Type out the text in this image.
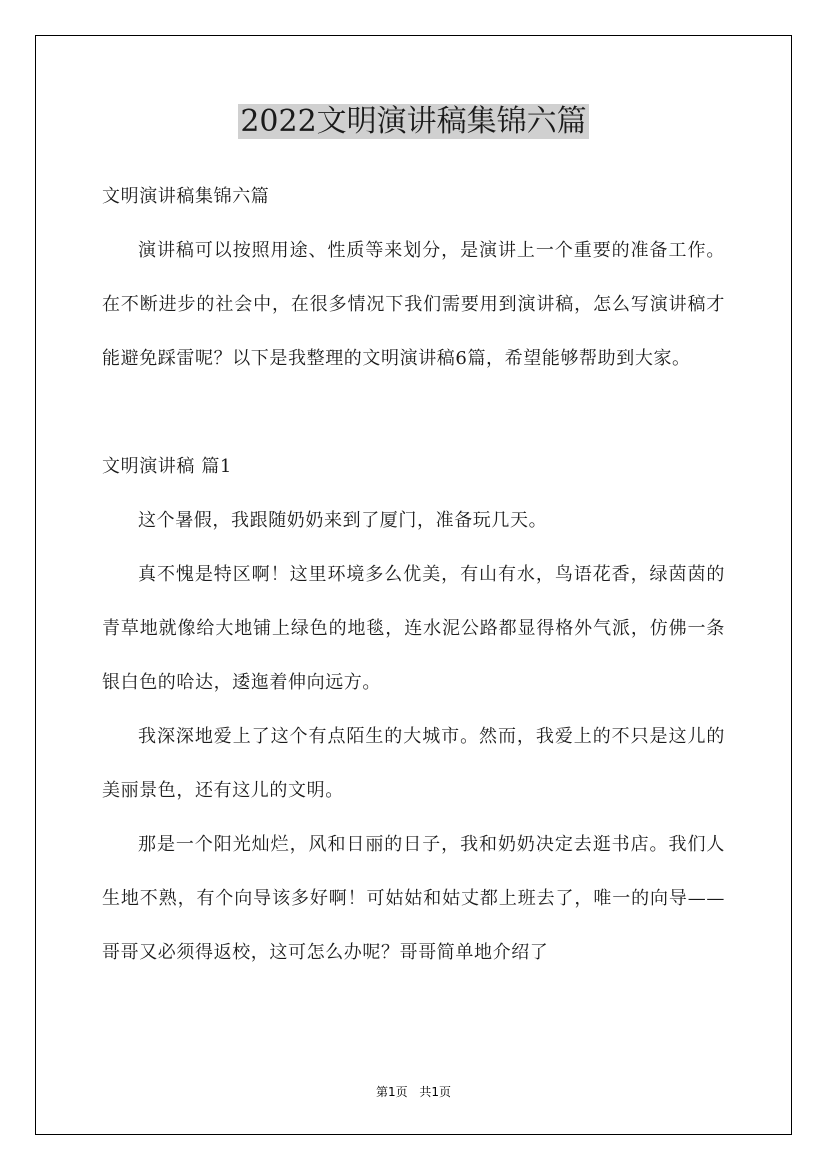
2022文明演讲稿集锦六篇

文明演讲稿集锦六篇

演讲稿可以按照用途、性质等来划分，是演讲上一个重要的准备工作。在不断进步的社会中，在很多情况下我们需要用到演讲稿，怎么写演讲稿才能避免踩雷呢？以下是我整理的文明演讲稿6篇，希望能够帮助到大家。

文明演讲稿 篇1

这个暑假，我跟随奶奶来到了厦门，准备玩几天。

真不愧是特区啊！这里环境多么优美，有山有水，鸟语花香，绿茵茵的青草地就像给大地铺上绿色的地毯，连水泥公路都显得格外气派，仿佛一条银白色的哈达，逶迤着伸向远方。

我深深地爱上了这个有点陌生的大城市。然而，我爱上的不只是这儿的美丽景色，还有这儿的文明。

那是一个阳光灿烂，风和日丽的日子，我和奶奶决定去逛书店。我们人生地不熟，有个向导该多好啊！可姑姑和姑丈都上班去了，唯一的向导——哥哥又必须得返校，这可怎么办呢？哥哥简单地介绍了

第1页 共1页
